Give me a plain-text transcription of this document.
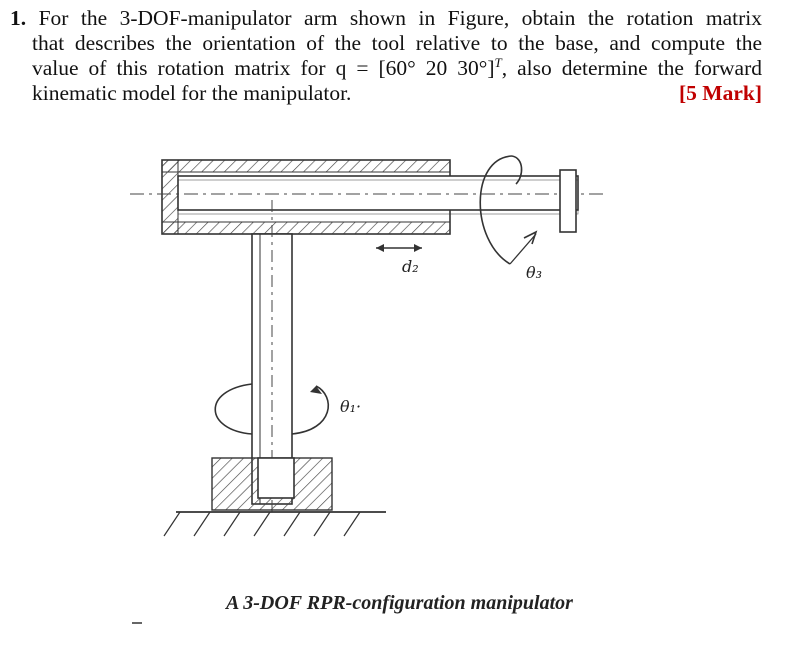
1. For the 3-DOF-manipulator arm shown in Figure, obtain the rotation matrix
that describes the orientation of the tool relative to the base, and compute the
value of this rotation matrix for q = [60° 20 30°]$^T$, also determine the forward
kinematic model for the manipulator.	[5 Mark]
d₂	θ₃
θ₁·
A 3-DOF RPR-configuration manipulator
